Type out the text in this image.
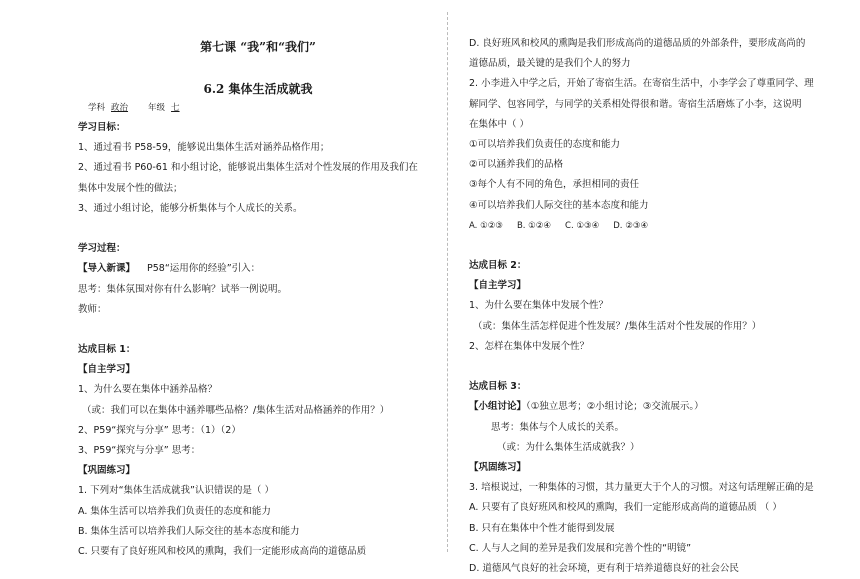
第七课 “我”和“我们”
6.2 集体生活成就我
学科 政治 年级 七
学习目标：
1、通过看书 P58-59，能够说出集体生活对涵养品格作用；
2、通过看书 P60-61 和小组讨论，能够说出集体生活对个性发展的作用及我们在
集体中发展个性的做法；
3、通过小组讨论，能够分析集体与个人成长的关系。
学习过程：
【导入新课】 P58“运用你的经验”引入：
思考：集体氛围对你有什么影响？试举一例说明。
教师：
达成目标 1：
【自主学习】
1、为什么要在集体中涵养品格？
（或：我们可以在集体中涵养哪些品格？/集体生活对品格涵养的作用？）
2、P59“探究与分享” 思考：（1）（2）
3、P59“探究与分享” 思考：
【巩固练习】
1. 下列对“集体生活成就我”认识错误的是（ ）
A. 集体生活可以培养我们负责任的态度和能力
B. 集体生活可以培养我们人际交往的基本态度和能力
C. 只要有了良好班风和校风的熏陶，我们一定能形成高尚的道德品质
D. 良好班风和校风的熏陶是我们形成高尚的道德品质的外部条件，要形成高尚的
道德品质，最关键的是我们个人的努力
2. 小李进入中学之后，开始了寄宿生活。在寄宿生活中，小李学会了尊重同学、理
解同学、包容同学，与同学的关系相处得很和谐。寄宿生活磨炼了小李，这说明
在集体中（ ）
①可以培养我们负责任的态度和能力
②可以涵养我们的品格
③每个人有不同的角色，承担相同的责任
④可以培养我们人际交往的基本态度和能力
A. ①②③ B. ①②④ C. ①③④ D. ②③④
达成目标 2：
【自主学习】
1、为什么要在集体中发展个性？
（或：集体生活怎样促进个性发展？/集体生活对个性发展的作用？）
2、怎样在集体中发展个性？
达成目标 3：
【小组讨论】（①独立思考；②小组讨论；③交流展示。）
思考：集体与个人成长的关系。
（或：为什么集体生活成就我？）
【巩固练习】
3. 培根说过，一种集体的习惯，其力量更大于个人的习惯。对这句话理解正确的是
A. 只要有了良好班风和校风的熏陶，我们一定能形成高尚的道德品质 （ ）
B. 只有在集体中个性才能得到发展
C. 人与人之间的差异是我们发展和完善个性的“明镜”
D. 道德风气良好的社会环境，更有利于培养道德良好的社会公民
